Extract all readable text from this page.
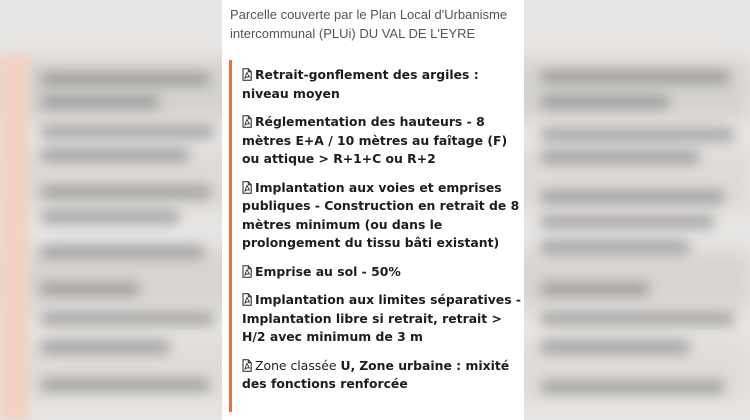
Parcelle couverte par le Plan Local d'Urbanisme intercommunal (PLUi) DU VAL DE L'EYRE
Retrait-gonflement des argiles : niveau moyen
Réglementation des hauteurs - 8 mètres E+A / 10 mètres au faîtage (F) ou attique > R+1+C ou R+2
Implantation aux voies et emprises publiques - Construction en retrait de 8 mètres minimum (ou dans le prolongement du tissu bâti existant)
Emprise au sol - 50%
Implantation aux limites séparatives - Implantation libre si retrait, retrait > H/2 avec minimum de 3 m
Zone classée U, Zone urbaine : mixité des fonctions renforcée
